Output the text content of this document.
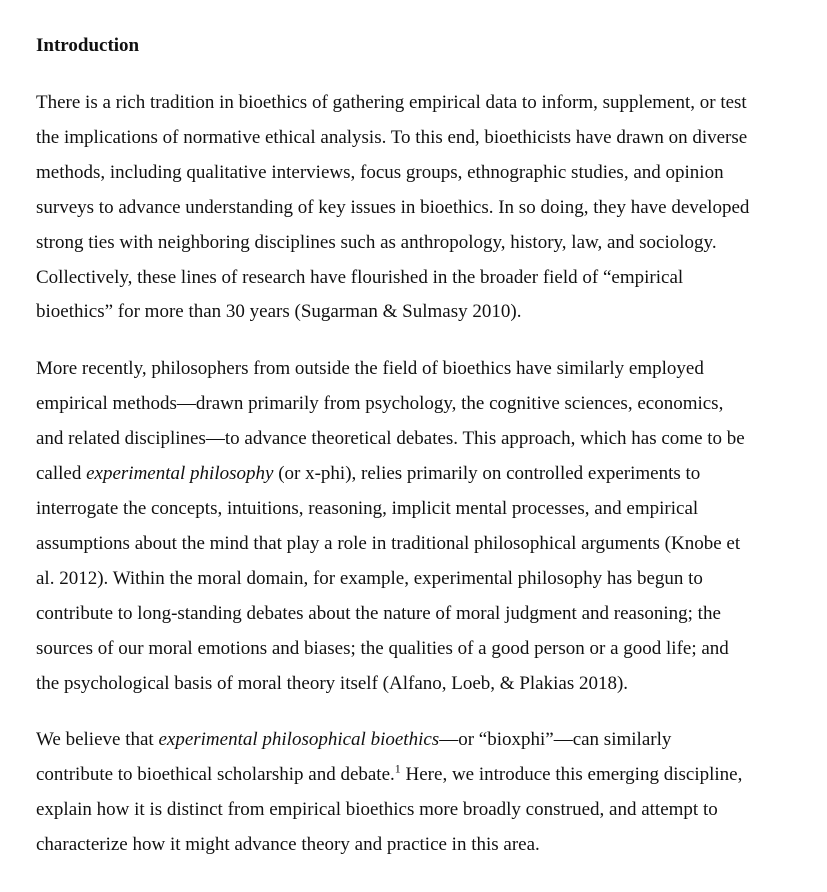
Introduction
There is a rich tradition in bioethics of gathering empirical data to inform, supplement, or test
the implications of normative ethical analysis. To this end, bioethicists have drawn on diverse
methods, including qualitative interviews, focus groups, ethnographic studies, and opinion
surveys to advance understanding of key issues in bioethics. In so doing, they have developed
strong ties with neighboring disciplines such as anthropology, history, law, and sociology.
Collectively, these lines of research have flourished in the broader field of “empirical
bioethics” for more than 30 years (Sugarman & Sulmasy 2010).
More recently, philosophers from outside the field of bioethics have similarly employed
empirical methods—drawn primarily from psychology, the cognitive sciences, economics,
and related disciplines—to advance theoretical debates. This approach, which has come to be
called experimental philosophy (or x-phi), relies primarily on controlled experiments to
interrogate the concepts, intuitions, reasoning, implicit mental processes, and empirical
assumptions about the mind that play a role in traditional philosophical arguments (Knobe et
al. 2012). Within the moral domain, for example, experimental philosophy has begun to
contribute to long-standing debates about the nature of moral judgment and reasoning; the
sources of our moral emotions and biases; the qualities of a good person or a good life; and
the psychological basis of moral theory itself (Alfano, Loeb, & Plakias 2018).
We believe that experimental philosophical bioethics—or “bioxphi”—can similarly
contribute to bioethical scholarship and debate.$^1$ Here, we introduce this emerging discipline,
explain how it is distinct from empirical bioethics more broadly construed, and attempt to
characterize how it might advance theory and practice in this area.
